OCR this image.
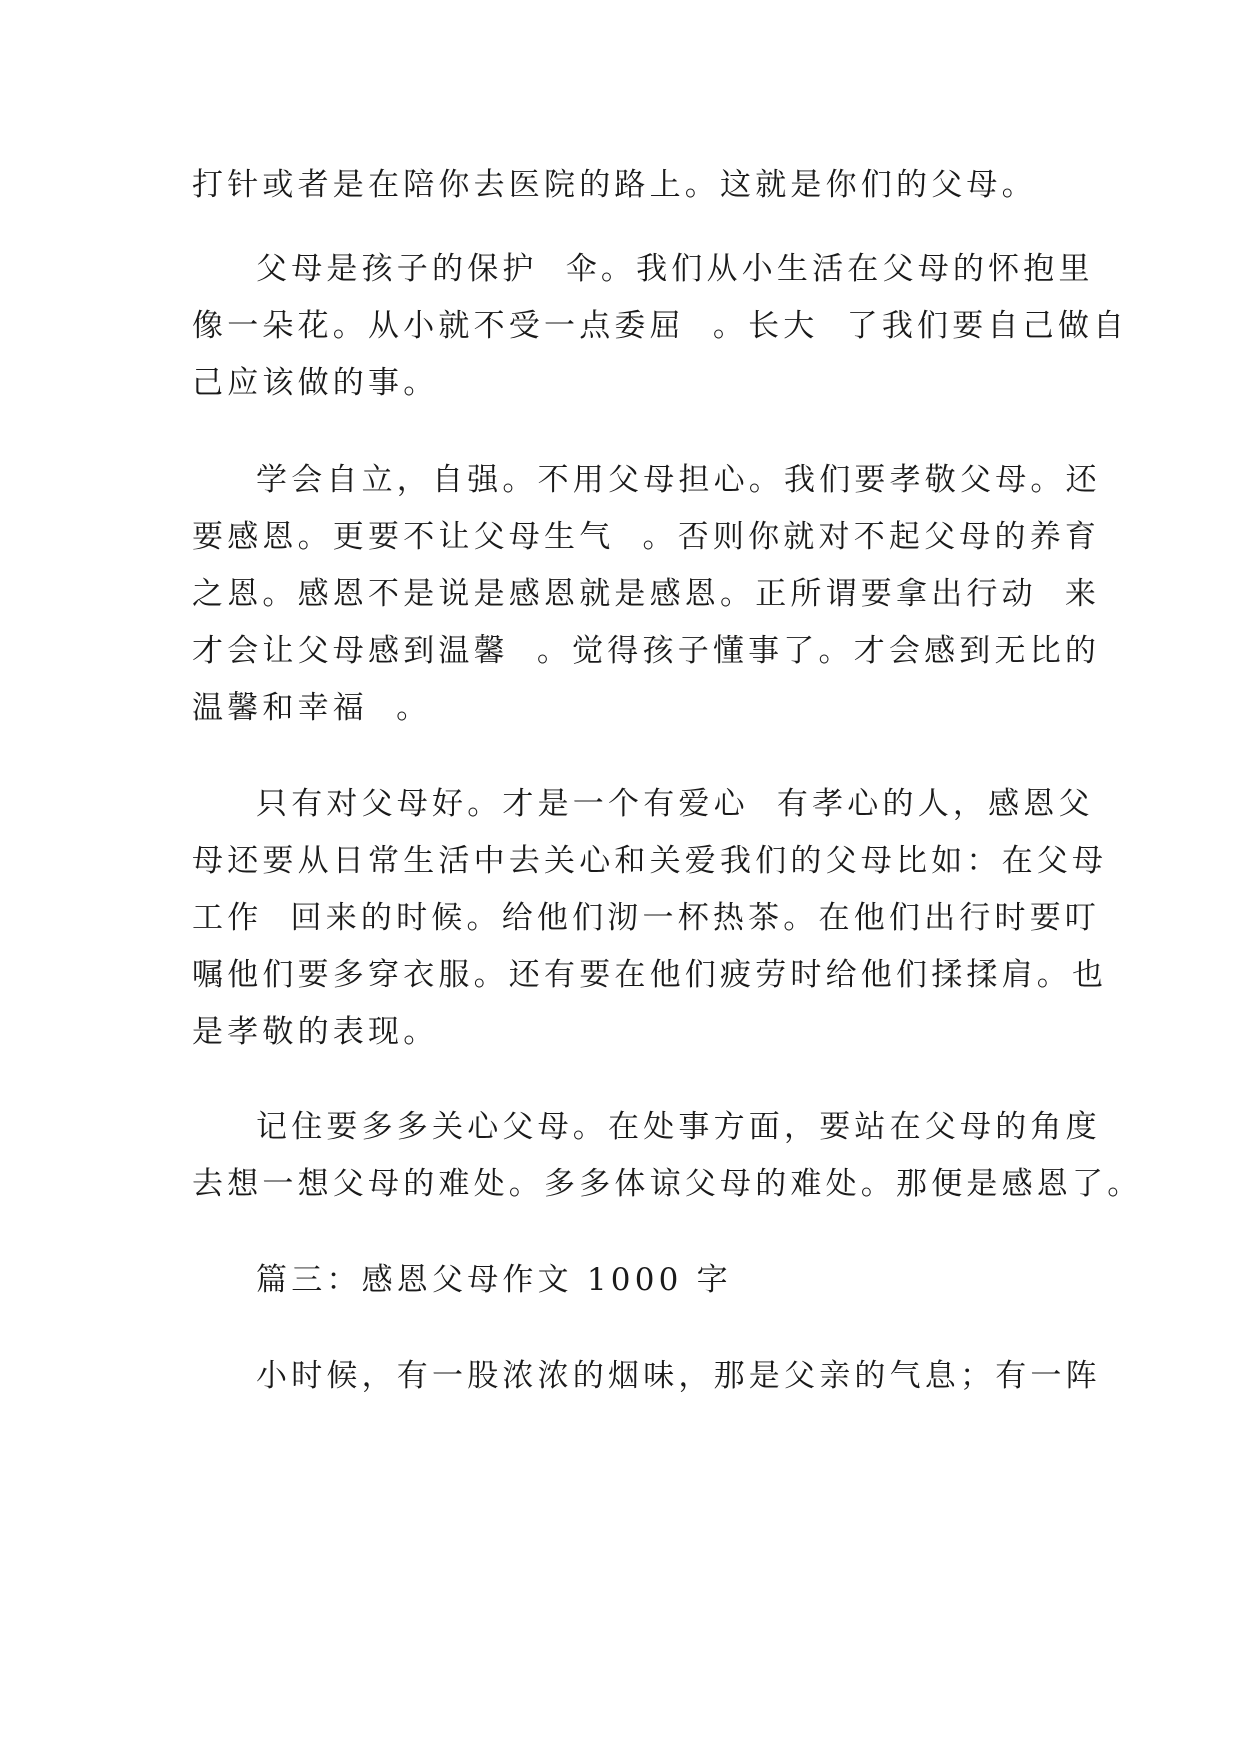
打针或者是在陪你去医院的路上。这就是你们的父母。
父母是孩子的保护  伞。我们从小生活在父母的怀抱里
像一朵花。从小就不受一点委屈  。长大  了我们要自己做自
己应该做的事。
学会自立，自强。不用父母担心。我们要孝敬父母。还
要感恩。更要不让父母生气  。否则你就对不起父母的养育
之恩。感恩不是说是感恩就是感恩。正所谓要拿出行动  来
才会让父母感到温馨  。觉得孩子懂事了。才会感到无比的
温馨和幸福  。
只有对父母好。才是一个有爱心  有孝心的人，感恩父
母还要从日常生活中去关心和关爱我们的父母比如：在父母
工作  回来的时候。给他们沏一杯热茶。在他们出行时要叮
嘱他们要多穿衣服。还有要在他们疲劳时给他们揉揉肩。也
是孝敬的表现。
记住要多多关心父母。在处事方面，要站在父母的角度
去想一想父母的难处。多多体谅父母的难处。那便是感恩了。
篇三：感恩父母作文 1000 字
小时候，有一股浓浓的烟味，那是父亲的气息；有一阵
